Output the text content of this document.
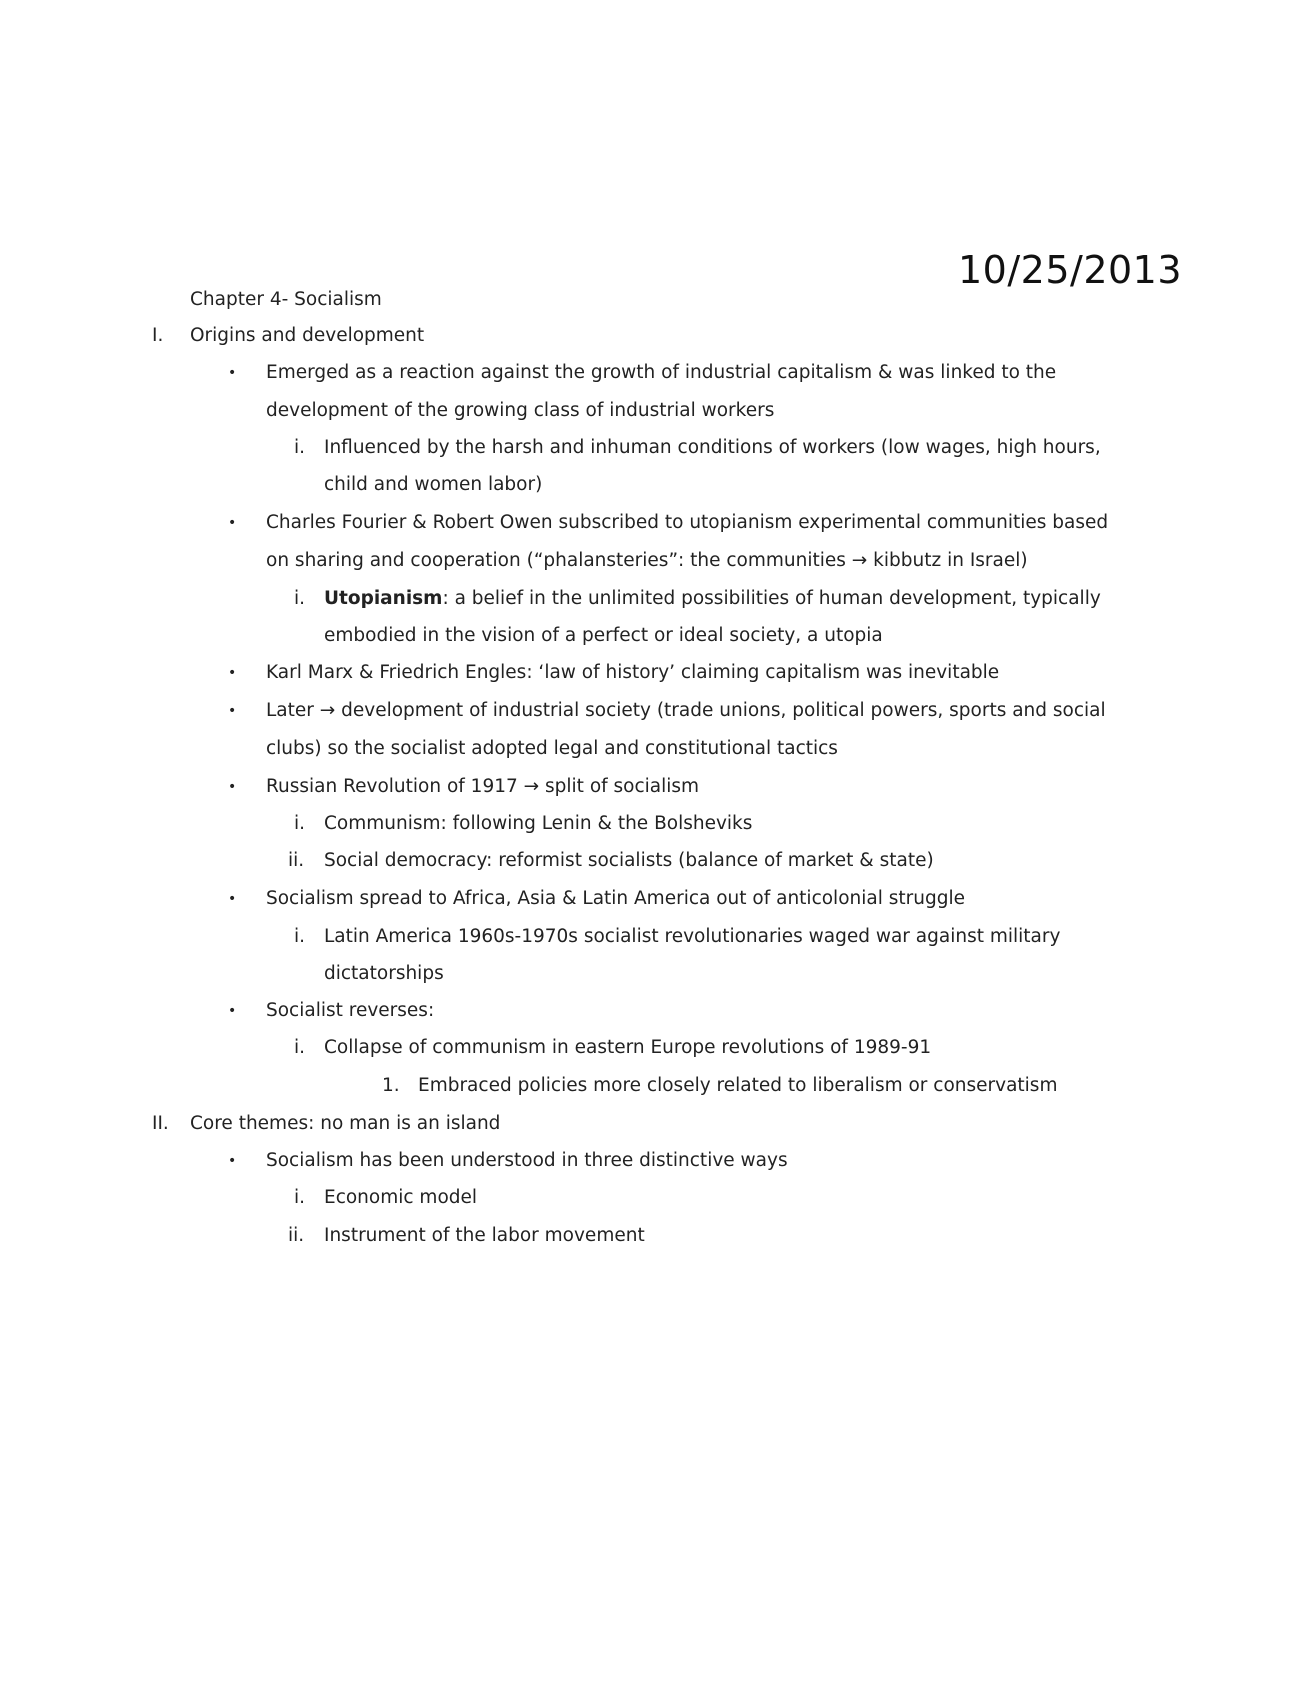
10/25/2013
Chapter 4- Socialism
I. Origins and development
• Emerged as a reaction against the growth of industrial capitalism & was linked to the
development of the growing class of industrial workers
i. Influenced by the harsh and inhuman conditions of workers (low wages, high hours,
child and women labor)
• Charles Fourier & Robert Owen subscribed to utopianism experimental communities based
on sharing and cooperation (“phalansteries”: the communities → kibbutz in Israel)
i. Utopianism: a belief in the unlimited possibilities of human development, typically
embodied in the vision of a perfect or ideal society, a utopia
• Karl Marx & Friedrich Engles: ‘law of history’ claiming capitalism was inevitable
• Later → development of industrial society (trade unions, political powers, sports and social
clubs) so the socialist adopted legal and constitutional tactics
• Russian Revolution of 1917 → split of socialism
i. Communism: following Lenin & the Bolsheviks
ii. Social democracy: reformist socialists (balance of market & state)
• Socialism spread to Africa, Asia & Latin America out of anticolonial struggle
i. Latin America 1960s-1970s socialist revolutionaries waged war against military
dictatorships
• Socialist reverses:
i. Collapse of communism in eastern Europe revolutions of 1989-91
1. Embraced policies more closely related to liberalism or conservatism
II. Core themes: no man is an island
• Socialism has been understood in three distinctive ways
i. Economic model
ii. Instrument of the labor movement
